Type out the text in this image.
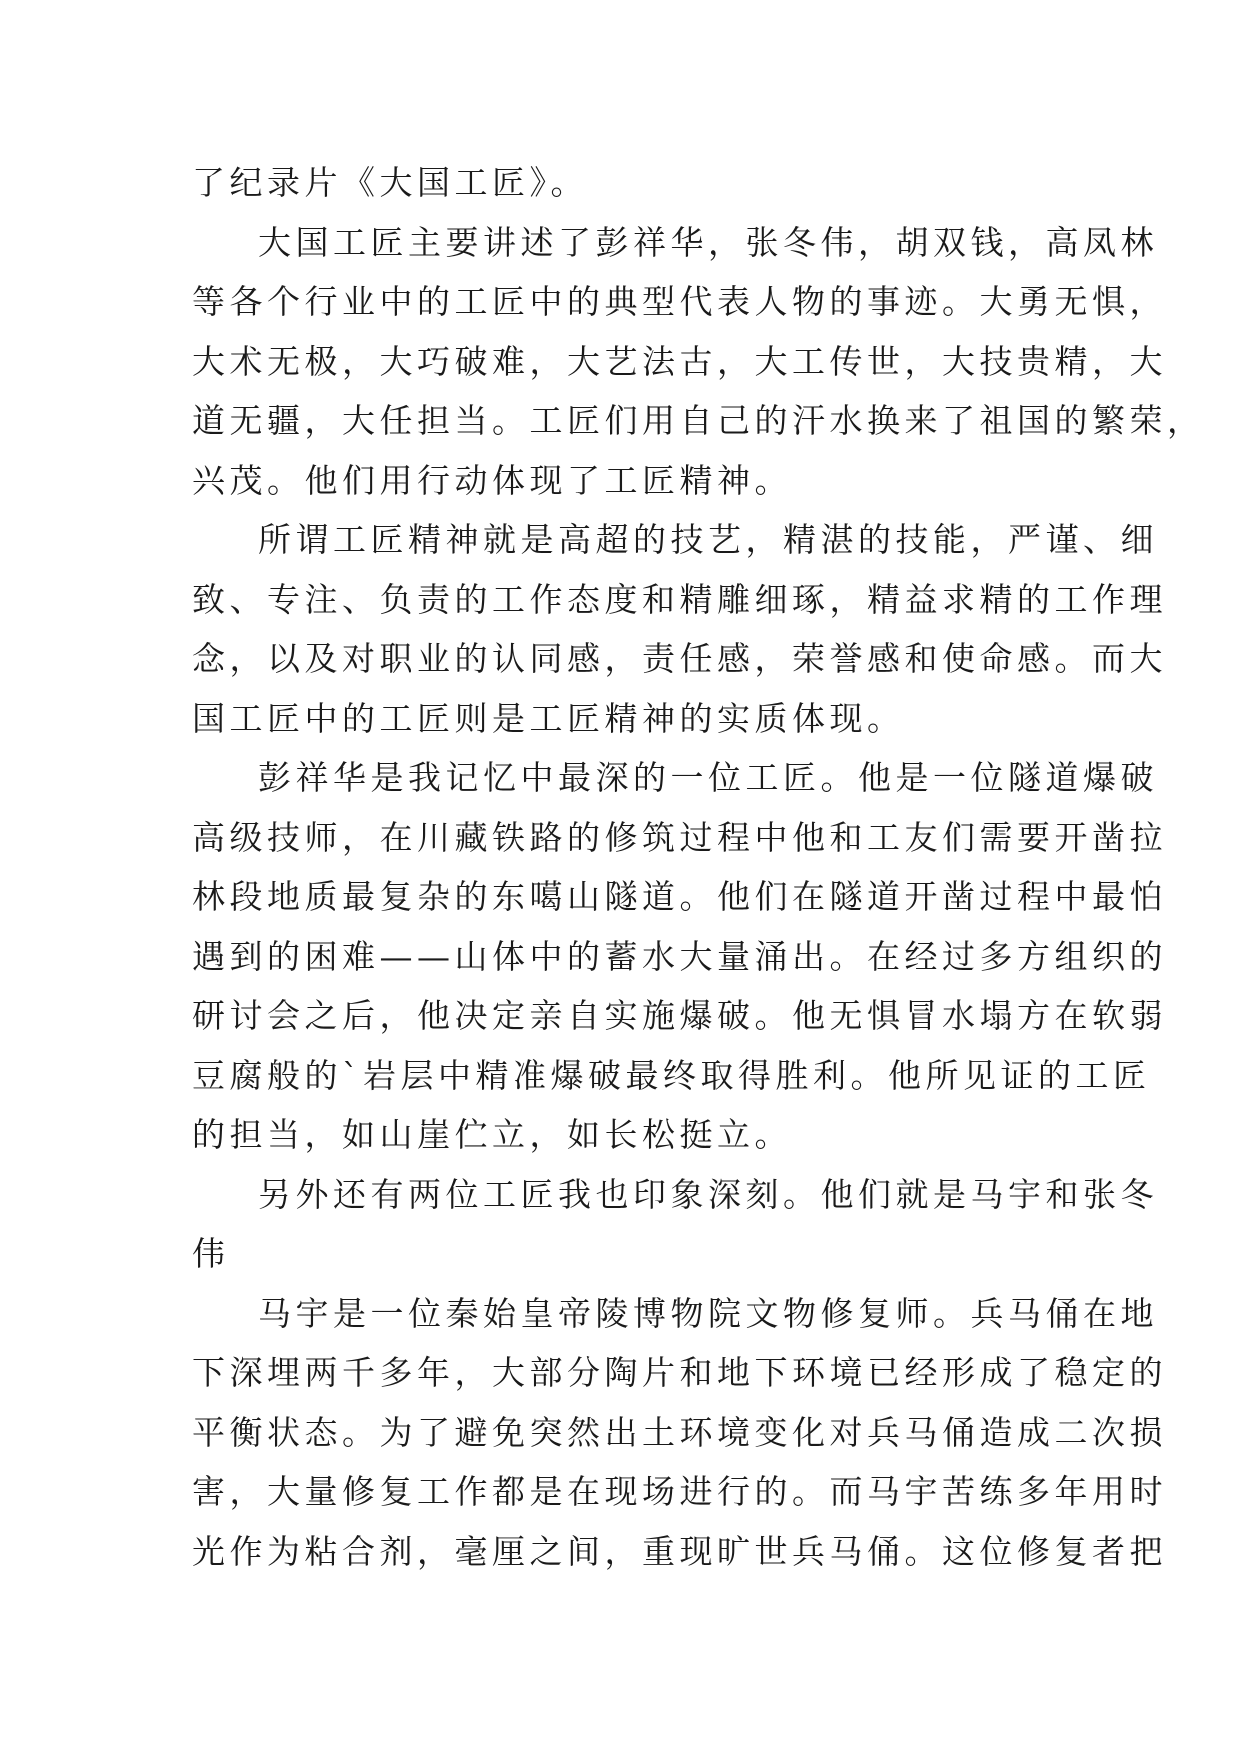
了纪录片《大国工匠》。
大国工匠主要讲述了彭祥华，张冬伟，胡双钱，高凤林
等各个行业中的工匠中的典型代表人物的事迹。大勇无惧，
大术无极，大巧破难，大艺法古，大工传世，大技贵精，大
道无疆，大任担当。工匠们用自己的汗水换来了祖国的繁荣，
兴茂。他们用行动体现了工匠精神。
所谓工匠精神就是高超的技艺，精湛的技能，严谨、细
致、专注、负责的工作态度和精雕细琢，精益求精的工作理
念，以及对职业的认同感，责任感，荣誉感和使命感。而大
国工匠中的工匠则是工匠精神的实质体现。
彭祥华是我记忆中最深的一位工匠。他是一位隧道爆破
高级技师，在川藏铁路的修筑过程中他和工友们需要开凿拉
林段地质最复杂的东噶山隧道。他们在隧道开凿过程中最怕
遇到的困难——山体中的蓄水大量涌出。在经过多方组织的
研讨会之后，他决定亲自实施爆破。他无惧冒水塌方在软弱
豆腐般的`岩层中精准爆破最终取得胜利。他所见证的工匠
的担当，如山崖伫立，如长松挺立。
另外还有两位工匠我也印象深刻。他们就是马宇和张冬
伟
马宇是一位秦始皇帝陵博物院文物修复师。兵马俑在地
下深埋两千多年，大部分陶片和地下环境已经形成了稳定的
平衡状态。为了避免突然出土环境变化对兵马俑造成二次损
害，大量修复工作都是在现场进行的。而马宇苦练多年用时
光作为粘合剂，毫厘之间，重现旷世兵马俑。这位修复者把
